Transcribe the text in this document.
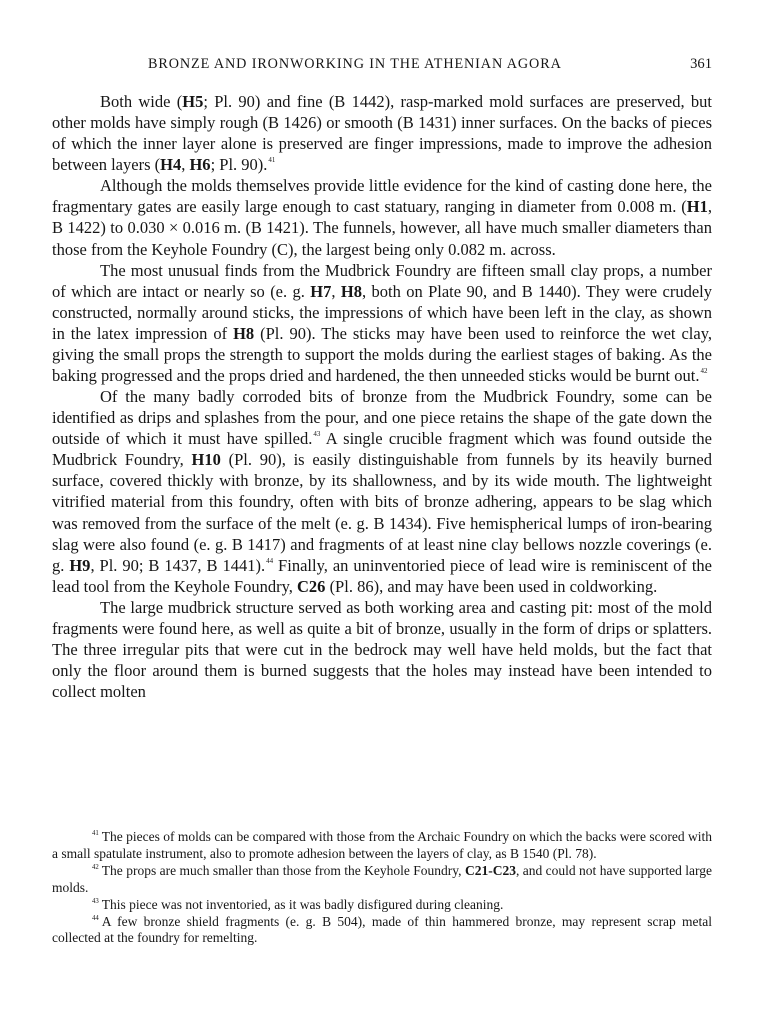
BRONZE AND IRONWORKING IN THE ATHENIAN AGORA	361

Both wide (H5; Pl. 90) and fine (B 1442), rasp-marked mold surfaces are preserved, but other molds have simply rough (B 1426) or smooth (B 1431) inner surfaces. On the backs of pieces of which the inner layer alone is preserved are finger impressions, made to improve the adhesion between layers (H4, H6; Pl. 90).$^{41}$

Although the molds themselves provide little evidence for the kind of casting done here, the fragmentary gates are easily large enough to cast statuary, ranging in diameter from 0.008 m. (H1, B 1422) to 0.030 × 0.016 m. (B 1421). The funnels, however, all have much smaller diameters than those from the Keyhole Foundry (C), the largest being only 0.082 m. across.

The most unusual finds from the Mudbrick Foundry are fifteen small clay props, a number of which are intact or nearly so (e. g. H7, H8, both on Plate 90, and B 1440). They were crudely constructed, normally around sticks, the impressions of which have been left in the clay, as shown in the latex impression of H8 (Pl. 90). The sticks may have been used to reinforce the wet clay, giving the small props the strength to support the molds during the earliest stages of baking. As the baking progressed and the props dried and hardened, the then unneeded sticks would be burnt out.$^{42}$

Of the many badly corroded bits of bronze from the Mudbrick Foundry, some can be identified as drips and splashes from the pour, and one piece retains the shape of the gate down the outside of which it must have spilled.$^{43}$ A single crucible fragment which was found outside the Mudbrick Foundry, H10 (Pl. 90), is easily distinguishable from funnels by its heavily burned surface, covered thickly with bronze, by its shallowness, and by its wide mouth. The lightweight vitrified material from this foundry, often with bits of bronze adhering, appears to be slag which was removed from the surface of the melt (e. g. B 1434). Five hemispherical lumps of iron-bearing slag were also found (e. g. B 1417) and fragments of at least nine clay bellows nozzle coverings (e. g. H9, Pl. 90; B 1437, B 1441).$^{44}$ Finally, an uninventoried piece of lead wire is reminiscent of the lead tool from the Keyhole Foundry, C26 (Pl. 86), and may have been used in coldworking.

The large mudbrick structure served as both working area and casting pit: most of the mold fragments were found here, as well as quite a bit of bronze, usually in the form of drips or splatters. The three irregular pits that were cut in the bedrock may well have held molds, but the fact that only the floor around them is burned suggests that the holes may instead have been intended to collect molten

$^{41}$ The pieces of molds can be compared with those from the Archaic Foundry on which the backs were scored with a small spatulate instrument, also to promote adhesion between the layers of clay, as B 1540 (Pl. 78).

$^{42}$ The props are much smaller than those from the Keyhole Foundry, C21-C23, and could not have supported large molds.

$^{43}$ This piece was not inventoried, as it was badly disfigured during cleaning.

$^{44}$ A few bronze shield fragments (e. g. B 504), made of thin hammered bronze, may represent scrap metal collected at the foundry for remelting.
